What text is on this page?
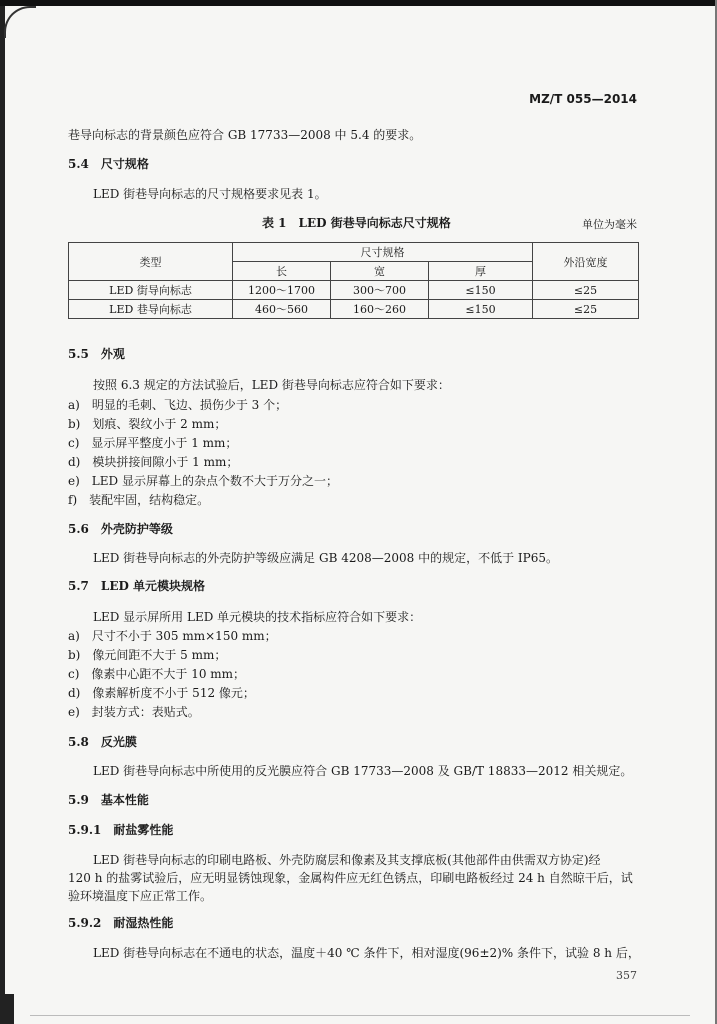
MZ/T 055—2014
巷导向标志的背景颜色应符合 GB 17733—2008 中 5.4 的要求。
5.4　尺寸规格
LED 街巷导向标志的尺寸规格要求见表 1。
表 1　LED 街巷导向标志尺寸规格	单位为毫米
类型	尺寸规格			外沿宽度
	长	宽	厚	
LED 街导向标志	1200～1700	300～700	≤150	≤25
LED 巷导向标志	460～560	160～260	≤150	≤25
5.5　外观
按照 6.3 规定的方法试验后，LED 街巷导向标志应符合如下要求：
a)　明显的毛刺、飞边、损伤少于 3 个；
b)　划痕、裂纹小于 2 mm；
c)　显示屏平整度小于 1 mm；
d)　模块拼接间隙小于 1 mm；
e)　LED 显示屏幕上的杂点个数不大于万分之一；
f)　装配牢固，结构稳定。
5.6　外壳防护等级
LED 街巷导向标志的外壳防护等级应满足 GB 4208—2008 中的规定，不低于 IP65。
5.7　LED 单元模块规格
LED 显示屏所用 LED 单元模块的技术指标应符合如下要求：
a)　尺寸不小于 305 mm×150 mm；
b)　像元间距不大于 5 mm；
c)　像素中心距不大于 10 mm；
d)　像素解析度不小于 512 像元；
e)　封装方式：表贴式。
5.8　反光膜
LED 街巷导向标志中所使用的反光膜应符合 GB 17733—2008 及 GB/T 18833—2012 相关规定。
5.9　基本性能
5.9.1　耐盐雾性能
LED 街巷导向标志的印刷电路板、外壳防腐层和像素及其支撑底板(其他部件由供需双方协定)经
120 h 的盐雾试验后，应无明显锈蚀现象，金属构件应无红色锈点，印刷电路板经过 24 h 自然晾干后，试
验环境温度下应正常工作。
5.9.2　耐湿热性能
LED 街巷导向标志在不通电的状态，温度＋40 ℃ 条件下，相对湿度(96±2)% 条件下，试验 8 h 后，
357
